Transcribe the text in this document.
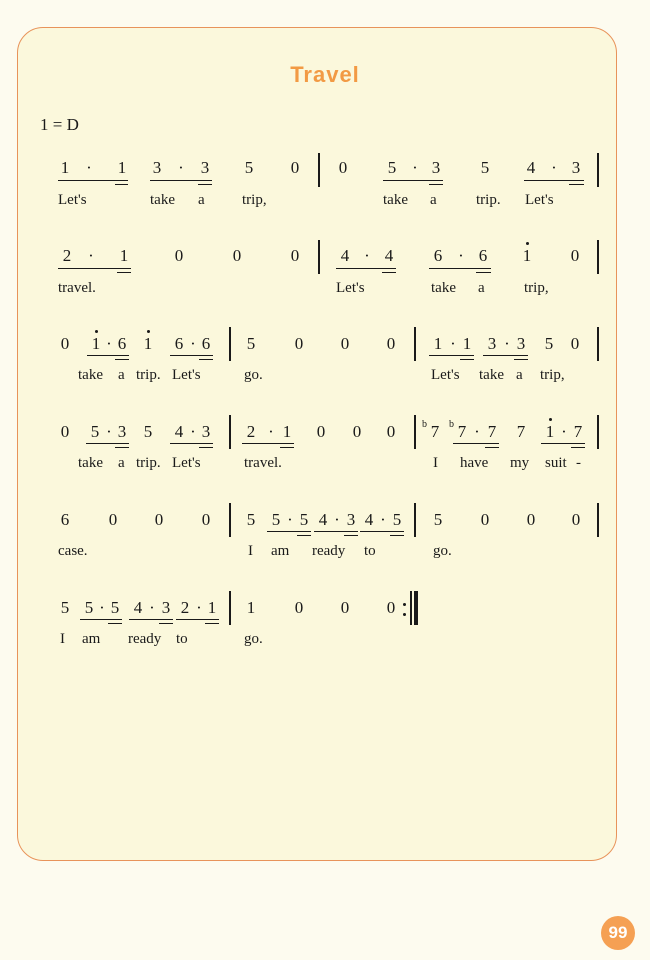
Travel
1 = D
1 · 1 3 · 3 5 0 0 5 · 3 5 4 · 3
Let's	take a trip,	take a	trip. Let's
2 · 1	0	0	0 4 · 4 6 · 6 1 0
travel.	Let's	take a	trip,
0 1 · 6 1 6 · 6 5 0 0 0 1 · 1 3 · 3 5 0
take a trip. Let's	go.	Let's take a trip,
0 5 · 3 5 4 · 3 2 · 1 0 0 0	b 7 b 7 · 7 7 1 · 7
take a trip. Let's	travel.	I have my suit -
6 0 0 0 5 5 · 5 4 · 3 4 · 5 5 0 0 0
case.	I am ready to	go.
5 5 · 5 4 · 3 2 · 1 1 0 0 0
I am ready to	go.
99
